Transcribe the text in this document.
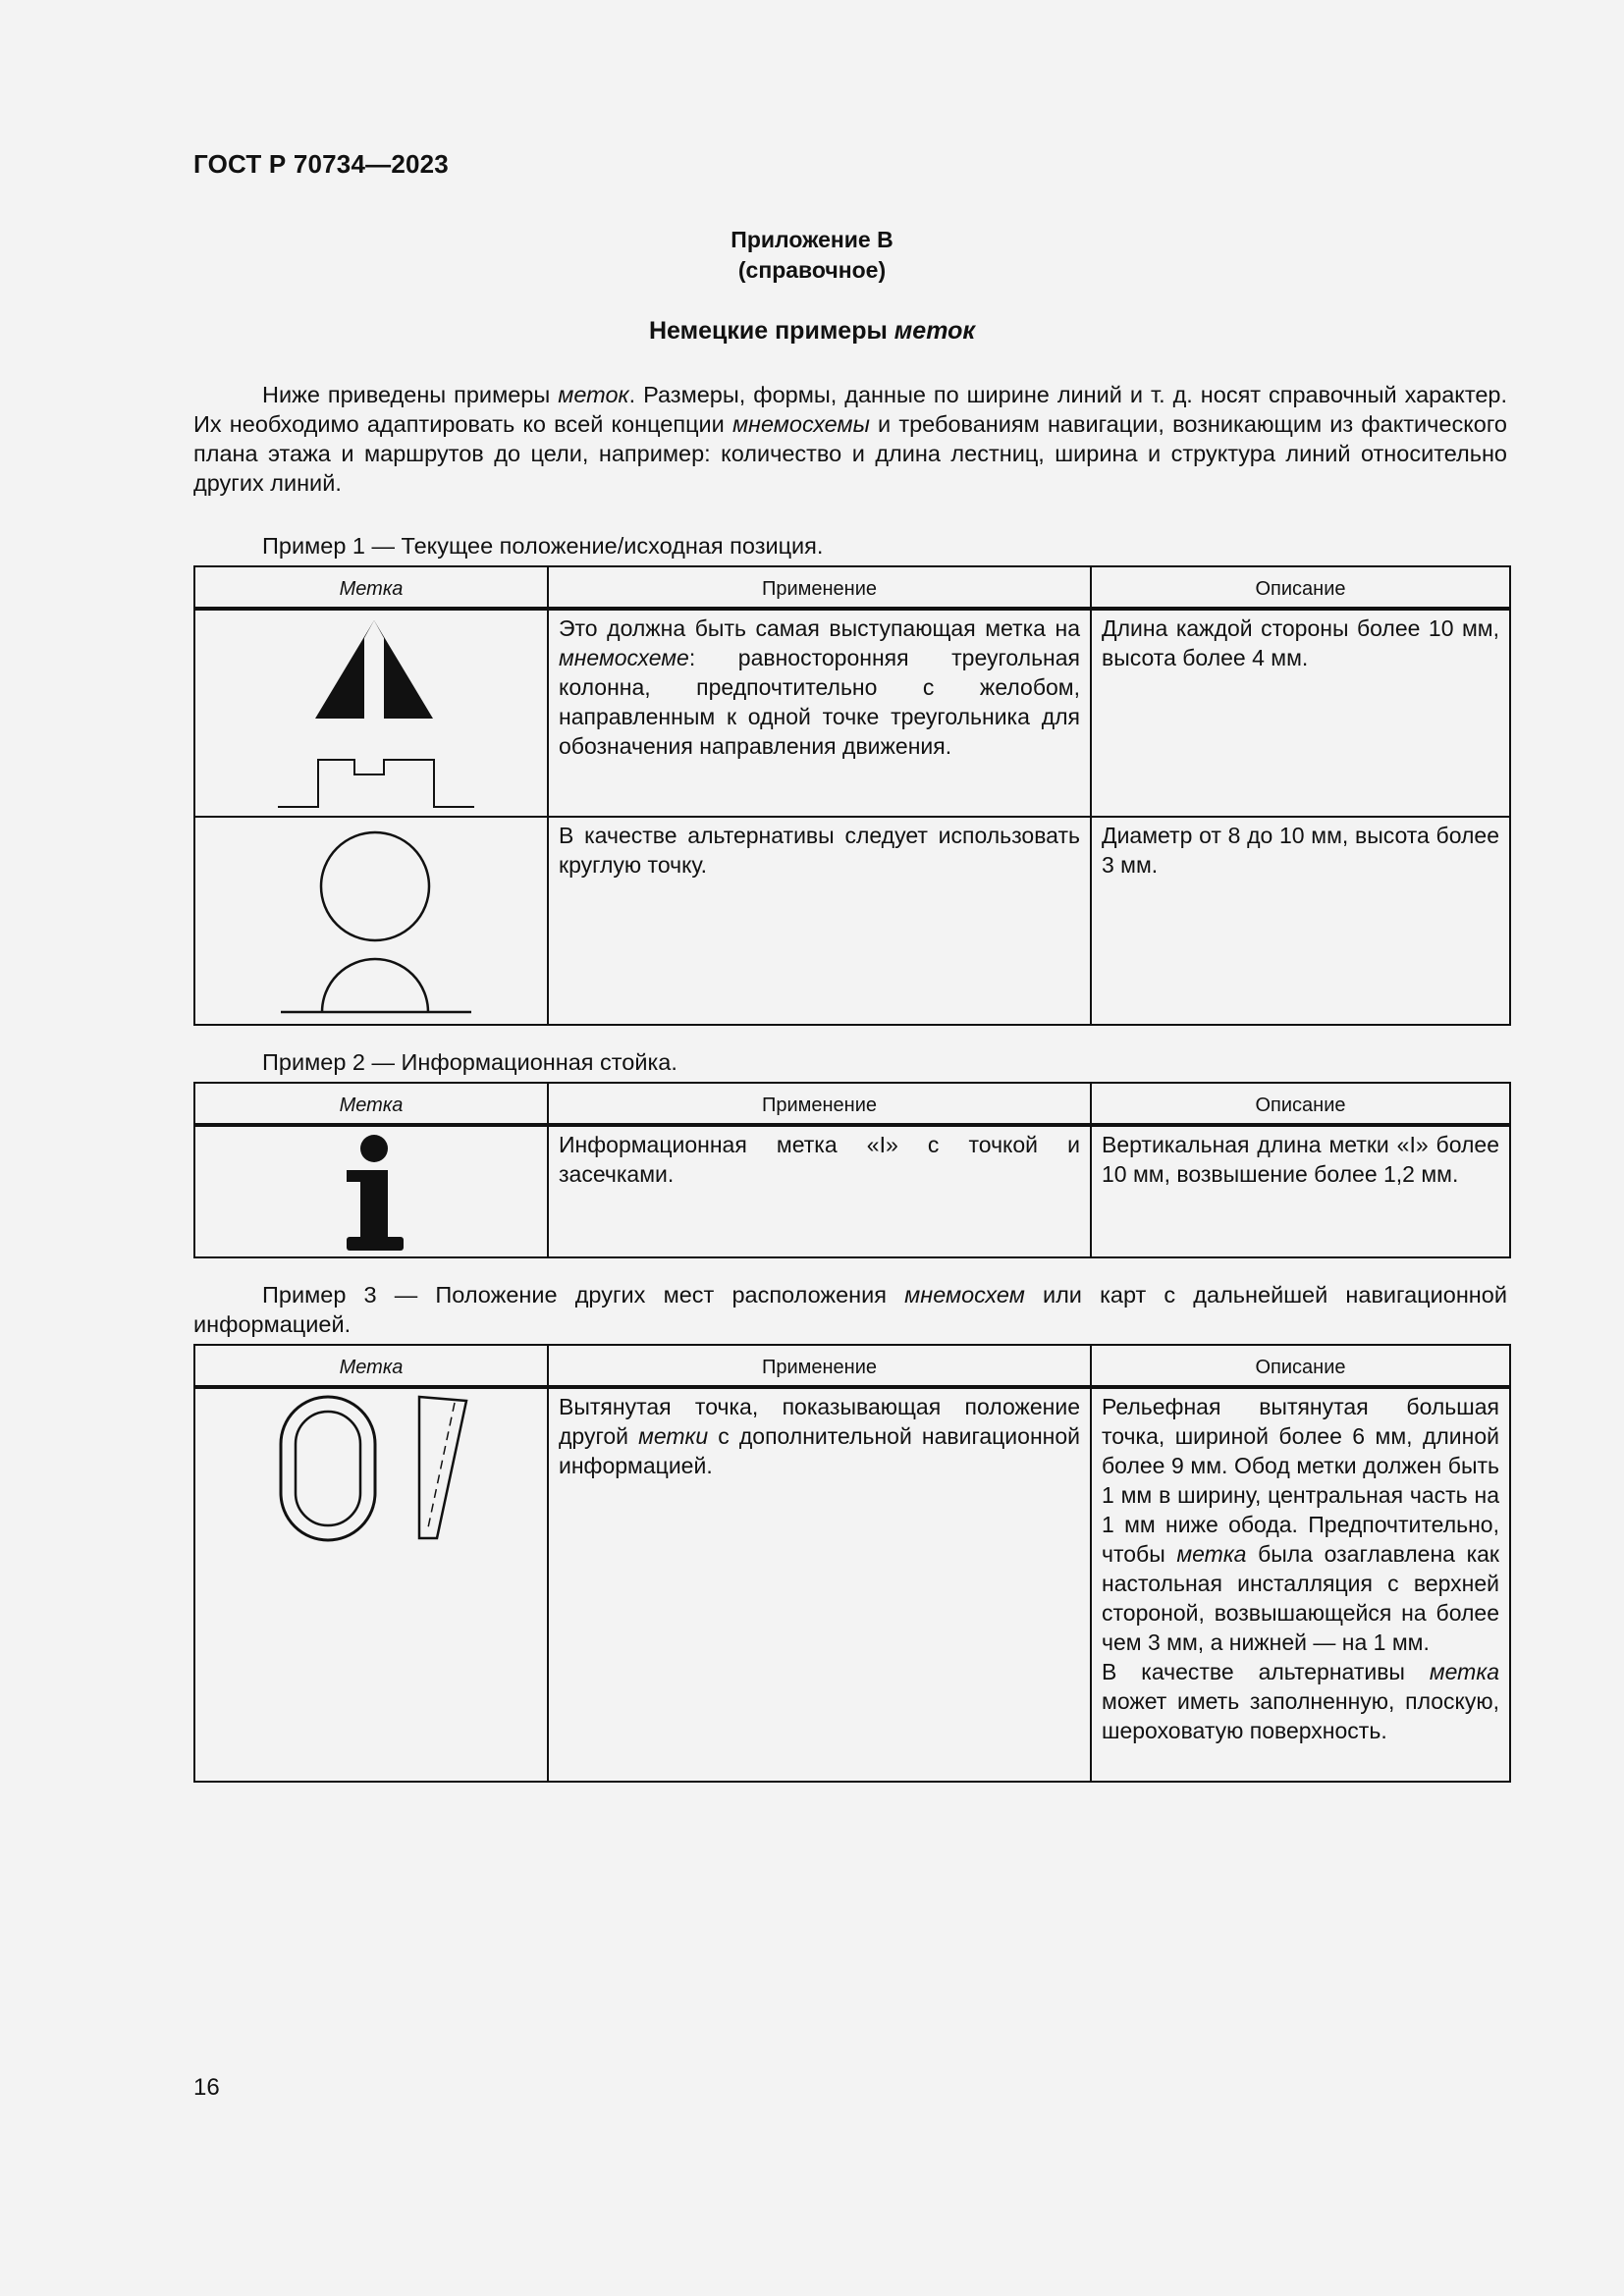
ГОСТ Р 70734—2023
Приложение В
(справочное)
Немецкие примеры меток

Ниже приведены примеры меток. Размеры, формы, данные по ширине линий и т. д. носят справочный характер. Их необходимо адаптировать ко всей концепции мнемосхемы и требованиям навигации, возникающим из фактического плана этажа и маршрутов до цели, например: количество и длина лестниц, ширина и структура линий относительно других линий.

Пример 1 — Текущее положение/исходная позиция.
Метка	Применение	Описание

	Это должна быть самая выступающая метка на мнемосхеме: равносторонняя треугольная колонна, предпочтительно с желобом, направленным к одной точке треугольника для обозначения направления движения.	Длина каждой стороны более 10 мм, высота более 4 мм.

	В качестве альтернативы следует использовать круглую точку.	Диаметр от 8 до 10 мм, высота более 3 мм.
Пример 2 — Информационная стойка.
Метка	Применение	Описание

	Информационная метка «I» с точкой и засечками.	Вертикальная длина метки «I» более 10 мм, возвышение более 1,2 мм.

Пример 3 — Положение других мест расположения мнемосхем или карт с дальнейшей навигационной информацией.

Метка	Применение	Описание

	Вытянутая точка, показывающая положение другой метки с дополнительной навигационной информацией.	Рельефная вытянутая большая точка, шириной более 6 мм, длиной более 9 мм. Обод метки должен быть 1 мм в ширину, центральная часть на 1 мм ниже обода. Предпочтительно, чтобы метка была озаглавлена как настольная инсталляция с верхней стороной, возвышающейся на более чем 3 мм, а нижней — на 1 мм.
В качестве альтернативы метка может иметь заполненную, плоскую, шероховатую поверхность.
16
